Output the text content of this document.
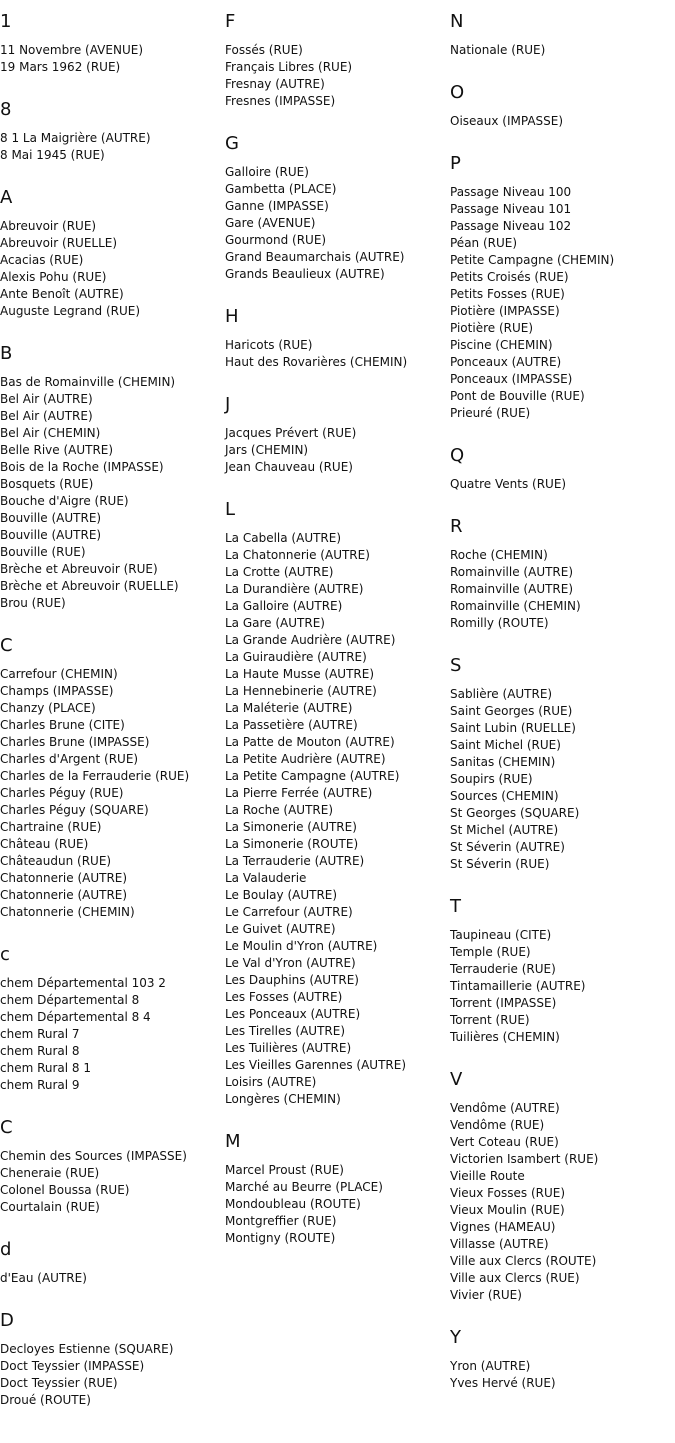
1
11 Novembre (AVENUE)
19 Mars 1962 (RUE)
8
8 1 La Maigrière (AUTRE)
8 Mai 1945 (RUE)
A
Abreuvoir (RUE)
Abreuvoir (RUELLE)
Acacias (RUE)
Alexis Pohu (RUE)
Ante Benoît (AUTRE)
Auguste Legrand (RUE)
B
Bas de Romainville (CHEMIN)
Bel Air (AUTRE)
Bel Air (AUTRE)
Bel Air (CHEMIN)
Belle Rive (AUTRE)
Bois de la Roche (IMPASSE)
Bosquets (RUE)
Bouche d'Aigre (RUE)
Bouville (AUTRE)
Bouville (AUTRE)
Bouville (RUE)
Brèche et Abreuvoir (RUE)
Brèche et Abreuvoir (RUELLE)
Brou (RUE)
C
Carrefour (CHEMIN)
Champs (IMPASSE)
Chanzy (PLACE)
Charles Brune (CITE)
Charles Brune (IMPASSE)
Charles d'Argent (RUE)
Charles de la Ferrauderie (RUE)
Charles Péguy (RUE)
Charles Péguy (SQUARE)
Chartraine (RUE)
Château (RUE)
Châteaudun (RUE)
Chatonnerie (AUTRE)
Chatonnerie (AUTRE)
Chatonnerie (CHEMIN)
c
chem Départemental 103 2
chem Départemental 8
chem Départemental 8 4
chem Rural 7
chem Rural 8
chem Rural 8 1
chem Rural 9
C
Chemin des Sources (IMPASSE)
Cheneraie (RUE)
Colonel Boussa (RUE)
Courtalain (RUE)
d
d'Eau (AUTRE)
D
Decloyes Estienne (SQUARE)
Doct Teyssier (IMPASSE)
Doct Teyssier (RUE)
Droué (ROUTE)
F
Fossés (RUE)
Français Libres (RUE)
Fresnay (AUTRE)
Fresnes (IMPASSE)
G
Galloire (RUE)
Gambetta (PLACE)
Ganne (IMPASSE)
Gare (AVENUE)
Gourmond (RUE)
Grand Beaumarchais (AUTRE)
Grands Beaulieux (AUTRE)
H
Haricots (RUE)
Haut des Rovarières (CHEMIN)
J
Jacques Prévert (RUE)
Jars (CHEMIN)
Jean Chauveau (RUE)
L
La Cabella (AUTRE)
La Chatonnerie (AUTRE)
La Crotte (AUTRE)
La Durandière (AUTRE)
La Galloire (AUTRE)
La Gare (AUTRE)
La Grande Audrière (AUTRE)
La Guiraudière (AUTRE)
La Haute Musse (AUTRE)
La Hennebinerie (AUTRE)
La Maléterie (AUTRE)
La Passetière (AUTRE)
La Patte de Mouton (AUTRE)
La Petite Audrière (AUTRE)
La Petite Campagne (AUTRE)
La Pierre Ferrée (AUTRE)
La Roche (AUTRE)
La Simonerie (AUTRE)
La Simonerie (ROUTE)
La Terrauderie (AUTRE)
La Valauderie
Le Boulay (AUTRE)
Le Carrefour (AUTRE)
Le Guivet (AUTRE)
Le Moulin d'Yron (AUTRE)
Le Val d'Yron (AUTRE)
Les Dauphins (AUTRE)
Les Fosses (AUTRE)
Les Ponceaux (AUTRE)
Les Tirelles (AUTRE)
Les Tuilières (AUTRE)
Les Vieilles Garennes (AUTRE)
Loisirs (AUTRE)
Longères (CHEMIN)
M
Marcel Proust (RUE)
Marché au Beurre (PLACE)
Mondoubleau (ROUTE)
Montgreffier (RUE)
Montigny (ROUTE)
N
Nationale (RUE)
O
Oiseaux (IMPASSE)
P
Passage Niveau 100
Passage Niveau 101
Passage Niveau 102
Péan (RUE)
Petite Campagne (CHEMIN)
Petits Croisés (RUE)
Petits Fosses (RUE)
Piotière (IMPASSE)
Piotière (RUE)
Piscine (CHEMIN)
Ponceaux (AUTRE)
Ponceaux (IMPASSE)
Pont de Bouville (RUE)
Prieuré (RUE)
Q
Quatre Vents (RUE)
R
Roche (CHEMIN)
Romainville (AUTRE)
Romainville (AUTRE)
Romainville (CHEMIN)
Romilly (ROUTE)
S
Sablière (AUTRE)
Saint Georges (RUE)
Saint Lubin (RUELLE)
Saint Michel (RUE)
Sanitas (CHEMIN)
Soupirs (RUE)
Sources (CHEMIN)
St Georges (SQUARE)
St Michel (AUTRE)
St Séverin (AUTRE)
St Séverin (RUE)
T
Taupineau (CITE)
Temple (RUE)
Terrauderie (RUE)
Tintamaillerie (AUTRE)
Torrent (IMPASSE)
Torrent (RUE)
Tuilières (CHEMIN)
V
Vendôme (AUTRE)
Vendôme (RUE)
Vert Coteau (RUE)
Victorien Isambert (RUE)
Vieille Route
Vieux Fosses (RUE)
Vieux Moulin (RUE)
Vignes (HAMEAU)
Villasse (AUTRE)
Ville aux Clercs (ROUTE)
Ville aux Clercs (RUE)
Vivier (RUE)
Y
Yron (AUTRE)
Yves Hervé (RUE)
